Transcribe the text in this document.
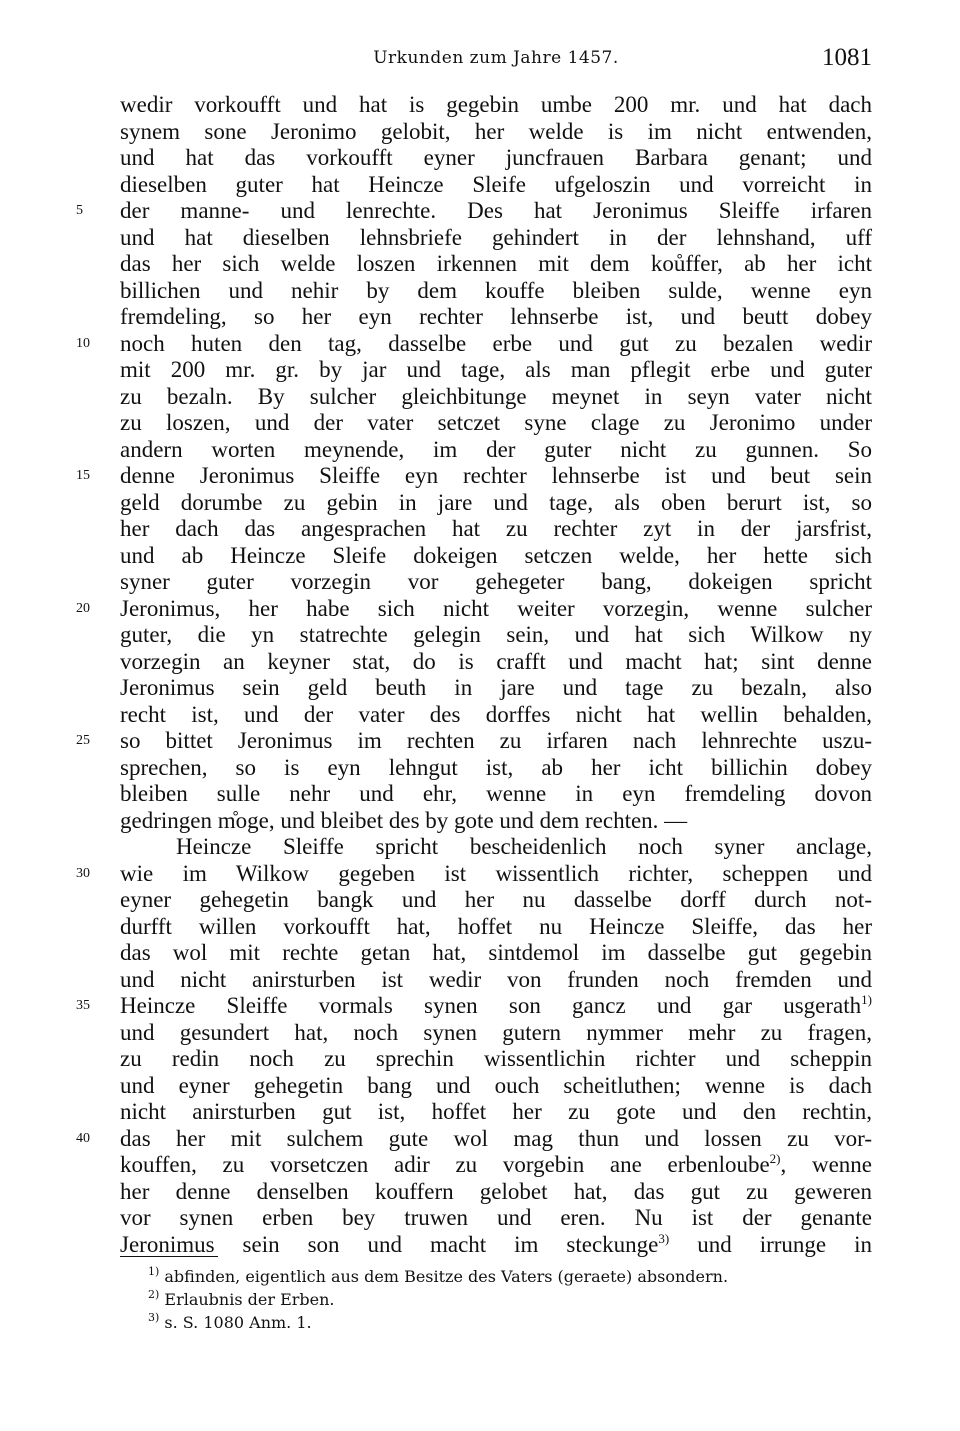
Urkunden zum Jahre 1457.	1081
wedir vorkoufft und hat is gegebin umbe 200 mr. und hat dach
synem sone Jeronimo gelobit, her welde is im nicht entwenden,
und hat das vorkoufft eyner juncfrauen Barbara genant; und
dieselben guter hat Heincze Sleife ufgeloszin und vorreicht in
5	der manne- und lenrechte. Des hat Jeronimus Sleiffe irfaren
und hat dieselben lehnsbriefe gehindert in der lehnshand, uff
das her sich welde loszen irkennen mit dem koůffer, ab her icht
billichen und nehir by dem kouffe bleiben sulde, wenne eyn
fremdeling, so her eyn rechter lehnserbe ist, und beutt dobey
10	noch huten den tag, dasselbe erbe und gut zu bezalen wedir
mit 200 mr. gr. by jar und tage, als man pflegit erbe und guter
zu bezaln. By sulcher gleichbitunge meynet in seyn vater nicht
zu loszen, und der vater setczet syne clage zu Jeronimo under
andern worten meynende, im der guter nicht zu gunnen. So
15	denne Jeronimus Sleiffe eyn rechter lehnserbe ist und beut sein
geld dorumbe zu gebin in jare und tage, als oben berurt ist, so
her dach das angesprachen hat zu rechter zyt in der jarsfrist,
und ab Heincze Sleife dokeigen setczen welde, her hette sich
syner guter vorzegin vor gehegeter bang, dokeigen spricht
20	Jeronimus, her habe sich nicht weiter vorzegin, wenne sulcher
guter, die yn statrechte gelegin sein, und hat sich Wilkow ny
vorzegin an keyner stat, do is crafft und macht hat; sint denne
Jeronimus sein geld beuth in jare und tage zu bezaln, also
recht ist, und der vater des dorffes nicht hat wellin behalden,
25	so bittet Jeronimus im rechten zu irfaren nach lehnrechte uszu-
sprechen, so is eyn lehngut ist, ab her icht billichin dobey
bleiben sulle nehr und ehr, wenne in eyn fremdeling dovon
gedringen m̊oge, und bleibet des by gote und dem rechten. —
Heincze Sleiffe spricht bescheidenlich noch syner anclage,
30	wie im Wilkow gegeben ist wissentlich richter, scheppen und
eyner gehegetin bangk und her nu dasselbe dorff durch not-
durfft willen vorkoufft hat, hoffet nu Heincze Sleiffe, das her
das wol mit rechte getan hat, sintdemol im dasselbe gut gegebin
und nicht anirsturben ist wedir von frunden noch fremden und
35	Heincze Sleiffe vormals synen son gancz und gar usgerath$^{1)}$
und gesundert hat, noch synen gutern nymmer mehr zu fragen,
zu redin noch zu sprechin wissentlichin richter und scheppin
und eyner gehegetin bang und ouch scheitluthen; wenne is dach
nicht anirsturben gut ist, hoffet her zu gote und den rechtin,
40	das her mit sulchem gute wol mag thun und lossen zu vor-
kouffen, zu vorsetczen adir zu vorgebin ane erbenloube$^{2)}$, wenne
her denne denselben kouffern gelobet hat, das gut zu geweren
vor synen erben bey truwen und eren. Nu ist der genante
Jeronimus sein son und macht im steckunge$^{3)}$ und irrunge in
$^{1)}$ abfinden, eigentlich aus dem Besitze des Vaters (geraete) absondern.
$^{2)}$ Erlaubnis der Erben.
$^{3)}$ s. S. 1080 Anm. 1.
